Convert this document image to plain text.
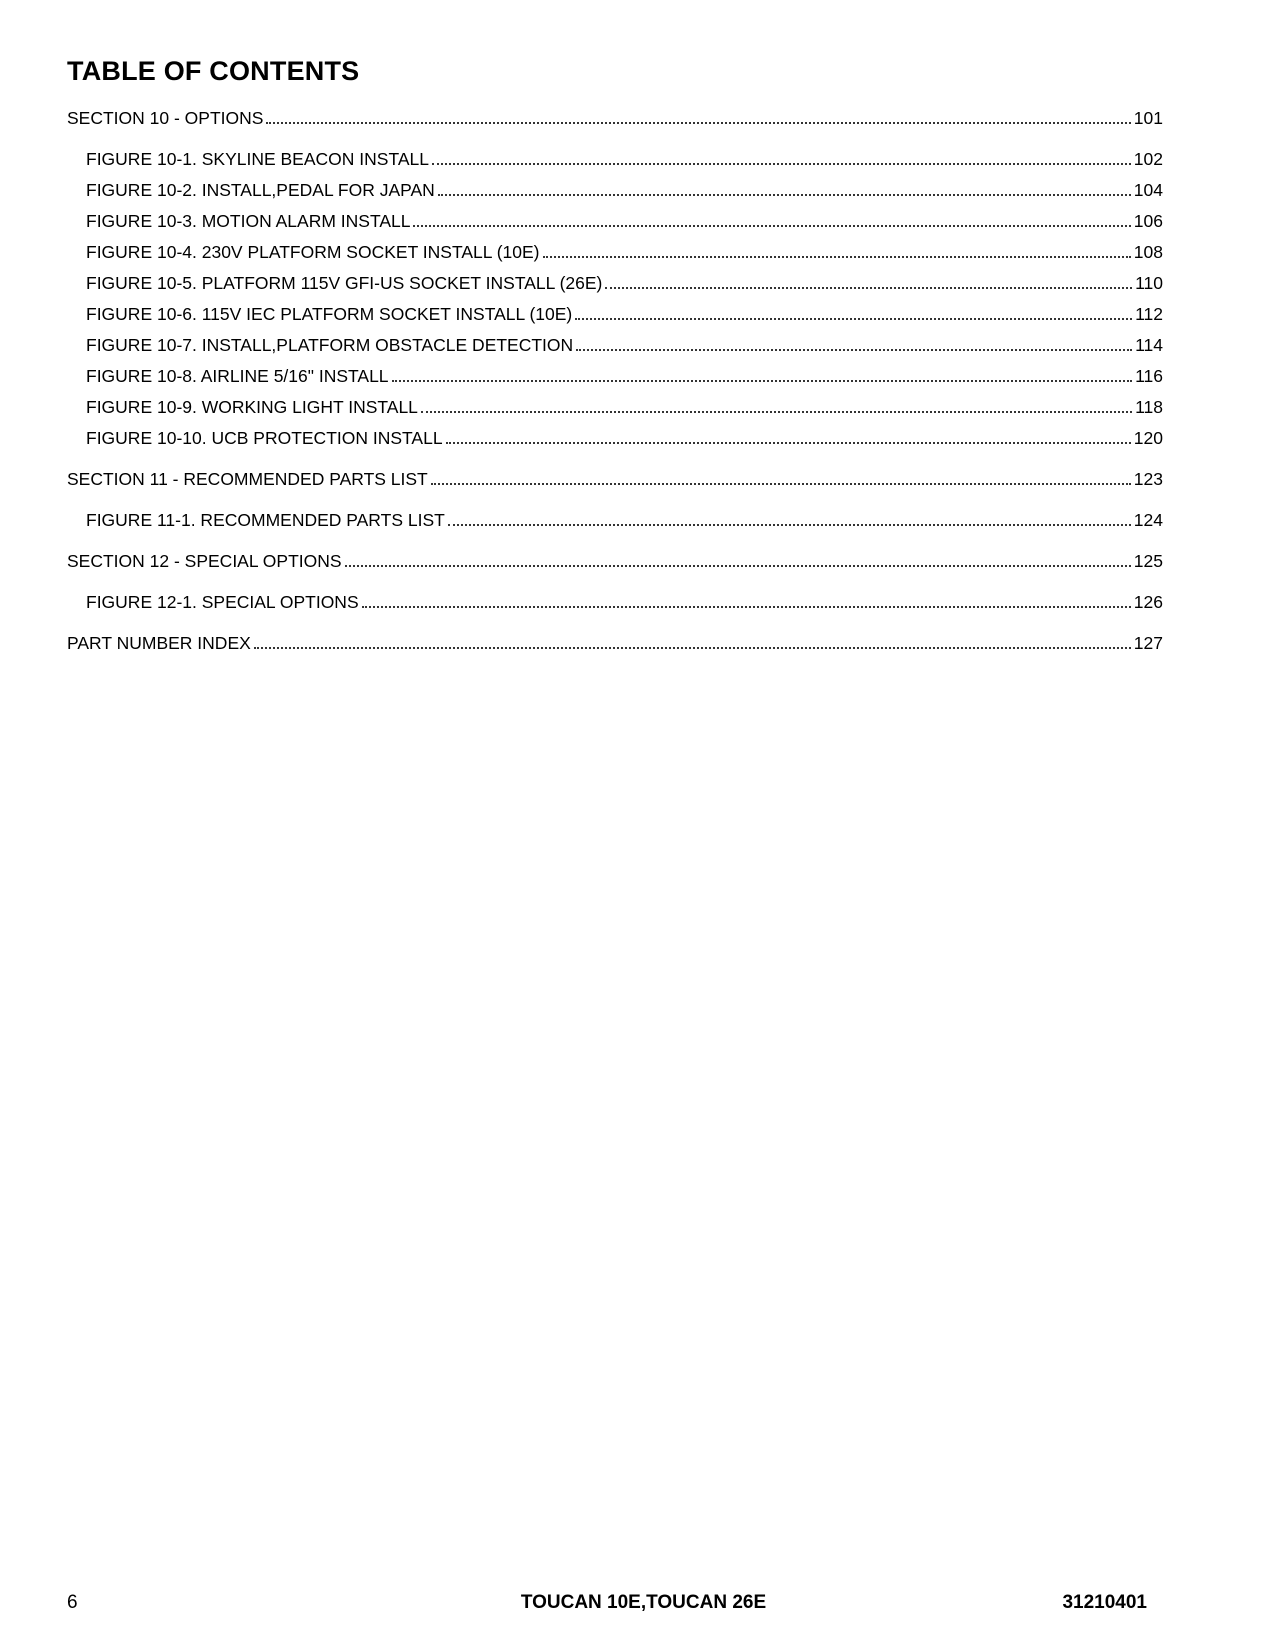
TABLE OF CONTENTS
SECTION 10 - OPTIONS	101
FIGURE 10-1. SKYLINE BEACON INSTALL	102
FIGURE 10-2. INSTALL,PEDAL FOR JAPAN	104
FIGURE 10-3. MOTION ALARM INSTALL	106
FIGURE 10-4. 230V PLATFORM SOCKET INSTALL (10E)	108
FIGURE 10-5. PLATFORM 115V GFI-US SOCKET INSTALL (26E)	110
FIGURE 10-6. 115V IEC PLATFORM SOCKET INSTALL (10E)	112
FIGURE 10-7. INSTALL,PLATFORM OBSTACLE DETECTION	114
FIGURE 10-8. AIRLINE 5/16" INSTALL	116
FIGURE 10-9. WORKING LIGHT INSTALL	118
FIGURE 10-10. UCB PROTECTION INSTALL	120
SECTION 11 - RECOMMENDED PARTS LIST	123
FIGURE 11-1. RECOMMENDED PARTS LIST	124
SECTION 12 - SPECIAL OPTIONS	125
FIGURE 12-1. SPECIAL OPTIONS	126
PART NUMBER INDEX	127
6	TOUCAN 10E,TOUCAN 26E	31210401
